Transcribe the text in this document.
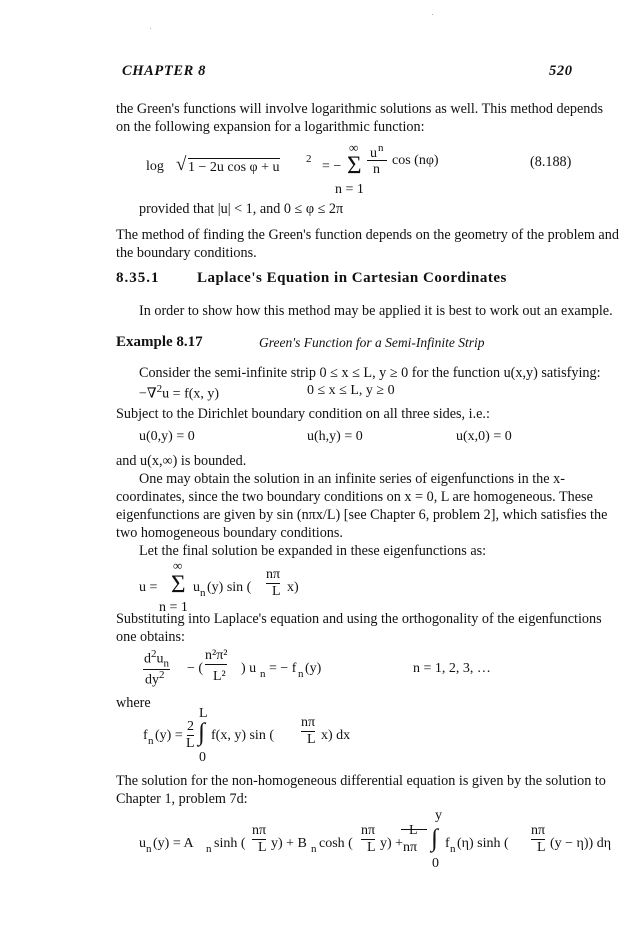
CHAPTER 8	520
the Green's functions will involve logarithmic solutions as well. This method depends
on the following expansion for a logarithmic function:
log √ 1 − 2u cos φ + u
2 = −
∞
Σ
n = 1
u n
n
cos (nφ)	(8.188)
provided that |u| < 1, and 0 ≤ φ ≤ 2π
The method of finding the Green's function depends on the geometry of the problem and
the boundary conditions.
8.35.1	Laplace's Equation in Cartesian Coordinates
In order to show how this method may be applied it is best to work out an example.
Example 8.17	Green's Function for a Semi-Infinite Strip
Consider the semi-infinite strip 0 ≤ x ≤ L, y ≥ 0 for the function u(x,y) satisfying:
−∇$^2$u = f(x, y)	0 ≤ x ≤ L, y ≥ 0
Subject to the Dirichlet boundary condition on all three sides, i.e.:
u(0,y) = 0	u(h,y) = 0	u(x,0) = 0
and u(x,∞) is bounded.
One may obtain the solution in an infinite series of eigenfunctions in the x-
coordinates, since the two boundary conditions on x = 0, L are homogeneous. These
eigenfunctions are given by sin (nπx/L) [see Chapter 6, problem 2], which satisfies the
two homogeneous boundary conditions.
Let the final solution be expanded in these eigenfunctions as:
u =
∞
Σ
n = 1
u n (y) sin (
nπ
L x)
Substituting into Laplace's equation and using the orthogonality of the eigenfunctions
one obtains:
$d^2u_n$
$dy^2$ − (
n²π²
L²
) u n = − f n (y)	n = 1, 2, 3, …
where
L
f n (y) =
2
L ∫
0
f(x, y) sin (
nπ
L x) dx
The solution for the non-homogeneous differential equation is given by the solution to
Chapter 1, problem 7d:
u n (y) = A n sinh (
nπ
L y) + B n cosh (
nπ
L y) +
L
nπ
y
∫
0
f n (η) sinh (
nπ
L (y − η)) dη
